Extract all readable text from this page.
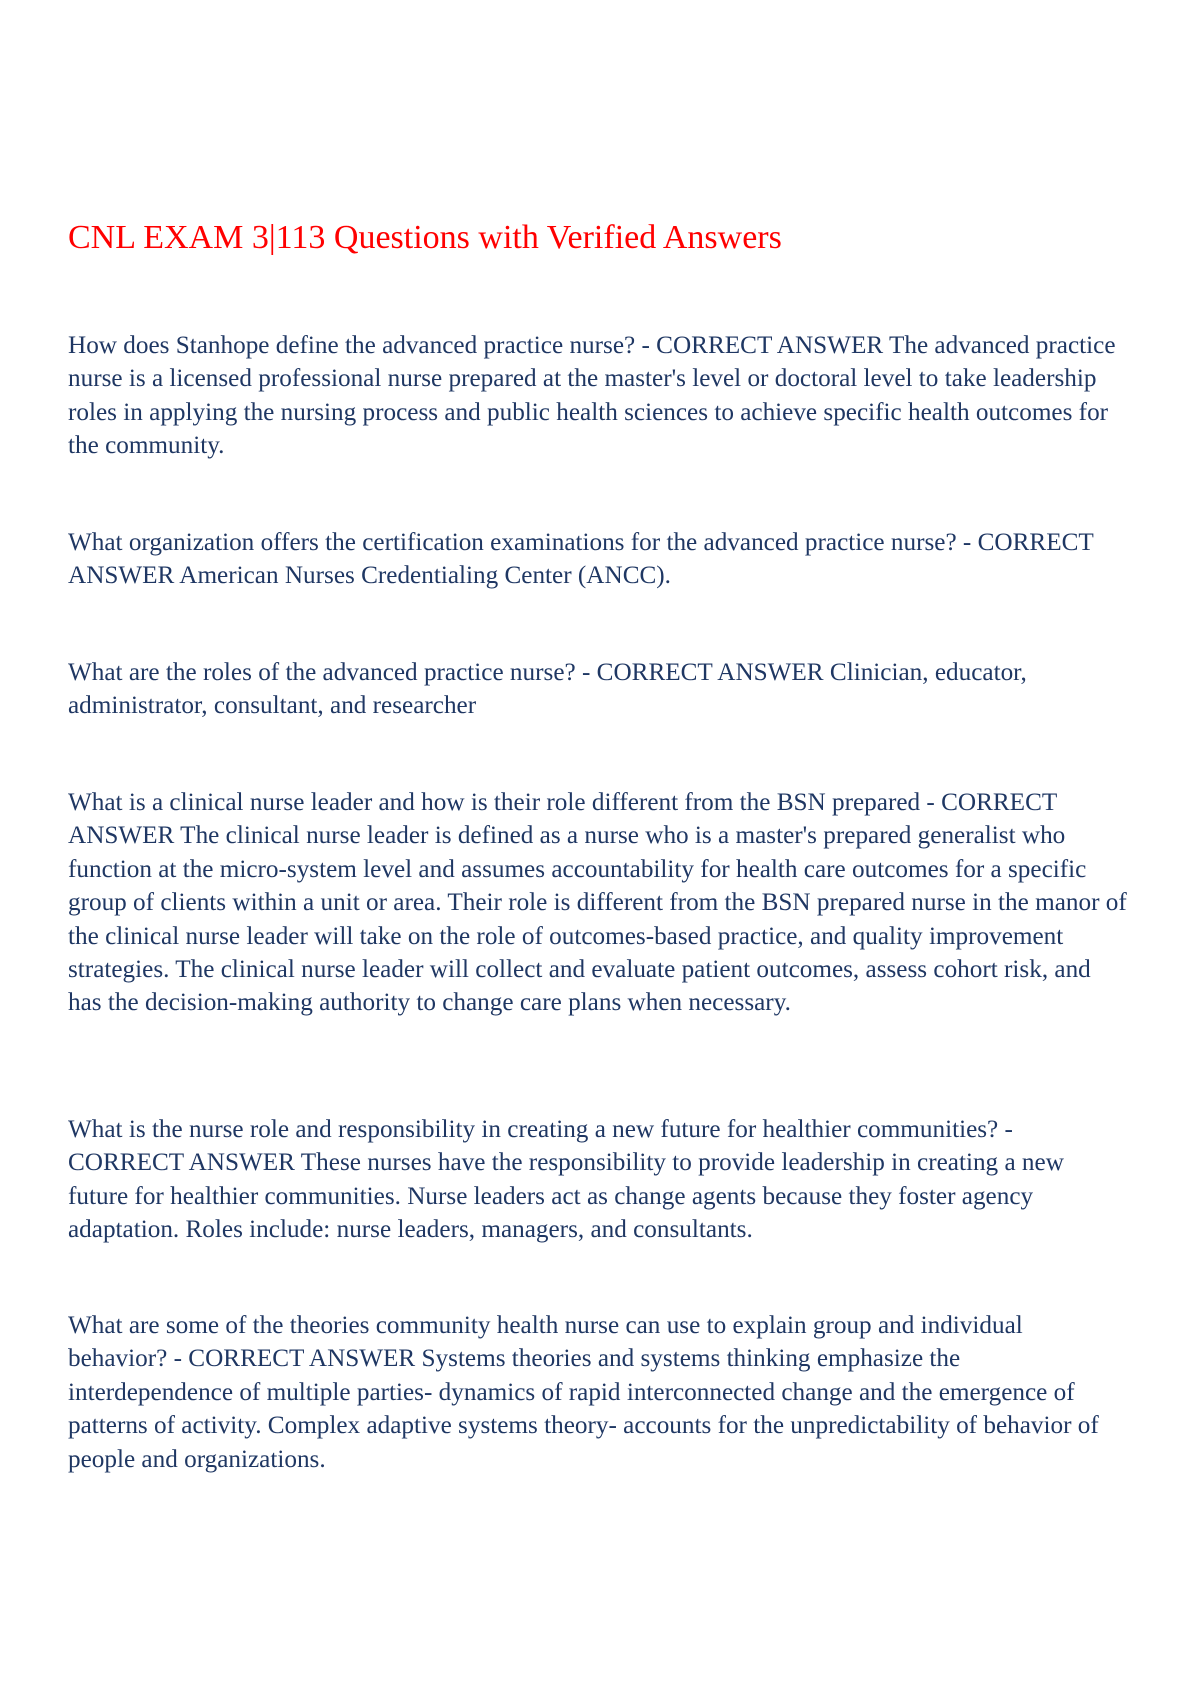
CNL EXAM 3|113 Questions with Verified Answers

How does Stanhope define the advanced practice nurse? - CORRECT ANSWER The advanced practice nurse is a licensed professional nurse prepared at the master's level or doctoral level to take leadership roles in applying the nursing process and public health sciences to achieve specific health outcomes for the community.

What organization offers the certification examinations for the advanced practice nurse? - CORRECT ANSWER American Nurses Credentialing Center (ANCC).

What are the roles of the advanced practice nurse? - CORRECT ANSWER Clinician, educator, administrator, consultant, and researcher

What is a clinical nurse leader and how is their role different from the BSN prepared - CORRECT ANSWER The clinical nurse leader is defined as a nurse who is a master's prepared generalist who function at the micro-system level and assumes accountability for health care outcomes for a specific group of clients within a unit or area. Their role is different from the BSN prepared nurse in the manor of the clinical nurse leader will take on the role of outcomes-based practice, and quality improvement strategies. The clinical nurse leader will collect and evaluate patient outcomes, assess cohort risk, and has the decision-making authority to change care plans when necessary.

What is the nurse role and responsibility in creating a new future for healthier communities? - CORRECT ANSWER These nurses have the responsibility to provide leadership in creating a new future for healthier communities. Nurse leaders act as change agents because they foster agency adaptation. Roles include: nurse leaders, managers, and consultants.

What are some of the theories community health nurse can use to explain group and individual behavior? - CORRECT ANSWER Systems theories and systems thinking emphasize the interdependence of multiple parties- dynamics of rapid interconnected change and the emergence of patterns of activity. Complex adaptive systems theory- accounts for the unpredictability of behavior of people and organizations.
